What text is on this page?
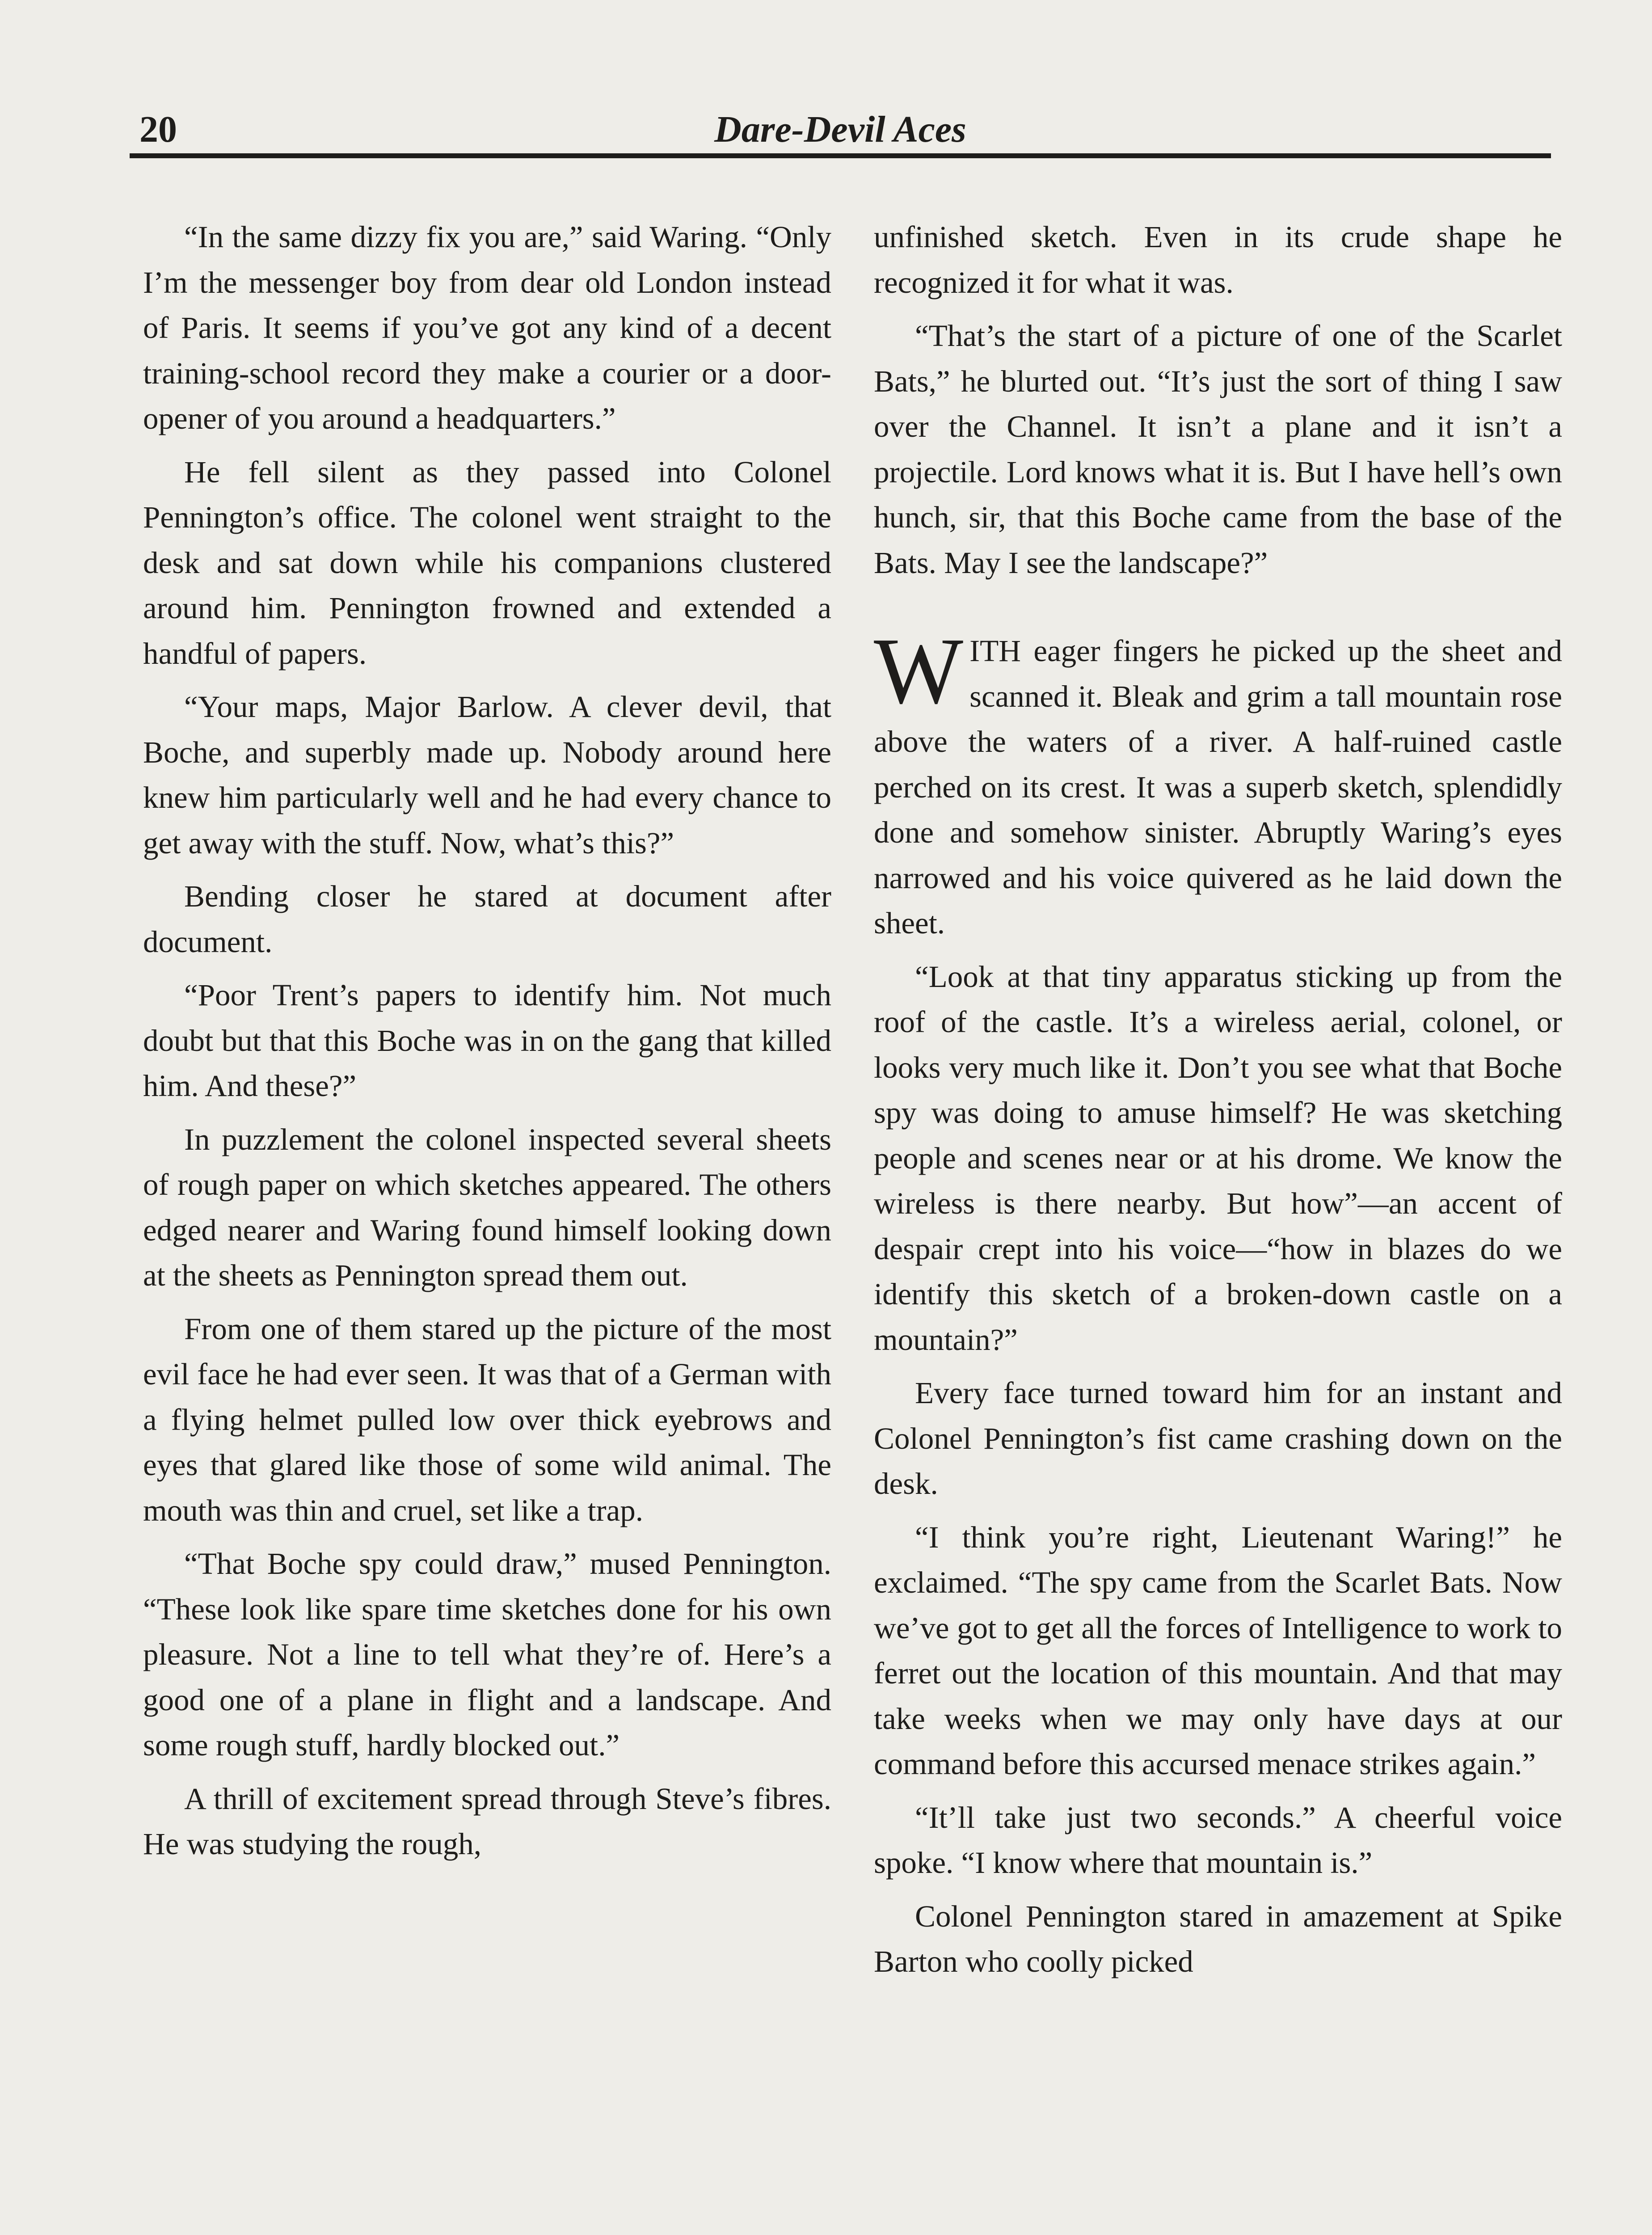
20	Dare-Devil Aces

“In the same dizzy fix you are,” said Waring. “Only I’m the messenger boy from dear old London instead of Paris. It seems if you’ve got any kind of a decent training-school record they make a courier or a door-opener of you around a headquarters.”

He fell silent as they passed into Colonel Pennington’s office. The colonel went straight to the desk and sat down while his companions clustered around him. Pennington frowned and extended a handful of papers.

“Your maps, Major Barlow. A clever devil, that Boche, and superbly made up. Nobody around here knew him particularly well and he had every chance to get away with the stuff. Now, what’s this?”

Bending closer he stared at document after document.

“Poor Trent’s papers to identify him. Not much doubt but that this Boche was in on the gang that killed him. And these?”

In puzzlement the colonel inspected several sheets of rough paper on which sketches appeared. The others edged nearer and Waring found himself looking down at the sheets as Pennington spread them out.

From one of them stared up the picture of the most evil face he had ever seen. It was that of a German with a flying helmet pulled low over thick eyebrows and eyes that glared like those of some wild animal. The mouth was thin and cruel, set like a trap.

“That Boche spy could draw,” mused Pennington. “These look like spare time sketches done for his own pleasure. Not a line to tell what they’re of. Here’s a good one of a plane in flight and a landscape. And some rough stuff, hardly blocked out.”

A thrill of excitement spread through Steve’s fibres. He was studying the rough,

unfinished sketch. Even in its crude shape he recognized it for what it was.

“That’s the start of a picture of one of the Scarlet Bats,” he blurted out. “It’s just the sort of thing I saw over the Channel. It isn’t a plane and it isn’t a projectile. Lord knows what it is. But I have hell’s own hunch, sir, that this Boche came from the base of the Bats. May I see the landscape?”

WITH eager fingers he picked up the sheet and scanned it. Bleak and grim a tall mountain rose above the waters of a river. A half-ruined castle perched on its crest. It was a superb sketch, splendidly done and somehow sinister. Abruptly Waring’s eyes narrowed and his voice quivered as he laid down the sheet.

“Look at that tiny apparatus sticking up from the roof of the castle. It’s a wireless aerial, colonel, or looks very much like it. Don’t you see what that Boche spy was doing to amuse himself? He was sketching people and scenes near or at his drome. We know the wireless is there nearby. But how”—an accent of despair crept into his voice—“how in blazes do we identify this sketch of a broken-down castle on a mountain?”

Every face turned toward him for an instant and Colonel Pennington’s fist came crashing down on the desk.

“I think you’re right, Lieutenant Waring!” he exclaimed. “The spy came from the Scarlet Bats. Now we’ve got to get all the forces of Intelligence to work to ferret out the location of this mountain. And that may take weeks when we may only have days at our command before this accursed menace strikes again.”

“It’ll take just two seconds.” A cheerful voice spoke. “I know where that mountain is.”

Colonel Pennington stared in amazement at Spike Barton who coolly picked
